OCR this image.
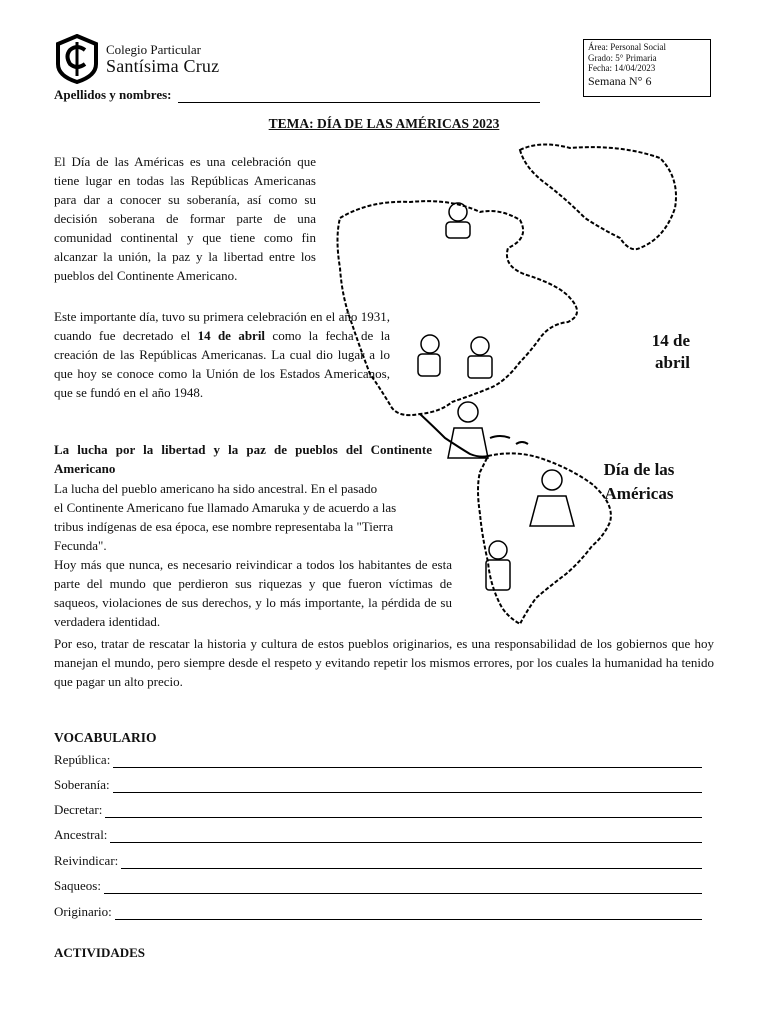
Colegio Particular
Santísima Cruz
Área: Personal Social
Grado: 5° Primaria
Fecha: 14/04/2023
Semana N° 6
Apellidos y nombres:
TEMA: DÍA DE LAS AMÉRICAS 2023
El Día de las Américas es una celebración que tiene lugar en todas las Repúblicas Americanas para dar a conocer su soberanía, así como su decisión soberana de formar parte de una comunidad continental y que tiene como fin alcanzar la unión, la paz y la libertad entre los pueblos del Continente Americano.
Este importante día, tuvo su primera celebración en el año 1931, cuando fue decretado el 14 de abril como la fecha de la creación de las Repúblicas Americanas. La cual dio lugar a lo que hoy se conoce como la Unión de los Estados Americanos, que se fundó en el año 1948.
14 de
abril
Día de las
Américas
La lucha por la libertad y la paz de pueblos del Continente Americano
La lucha del pueblo americano ha sido ancestral. En el pasado
el Continente Americano fue llamado Amaruka y de acuerdo a las
tribus indígenas de esa época, ese nombre representaba la "Tierra
Fecunda".
Hoy más que nunca, es necesario reivindicar a todos los habitantes de esta parte del mundo que perdieron sus riquezas y que fueron víctimas de saqueos, violaciones de sus derechos, y lo más importante, la pérdida de su verdadera identidad.
Por eso, tratar de rescatar la historia y cultura de estos pueblos originarios, es una responsabilidad de los gobiernos que hoy manejan el mundo, pero siempre desde el respeto y evitando repetir los mismos errores, por los cuales la humanidad ha tenido que pagar un alto precio.
VOCABULARIO
República:
Soberanía:
Decretar:
Ancestral:
Reivindicar:
Saqueos:
Originario:
ACTIVIDADES
